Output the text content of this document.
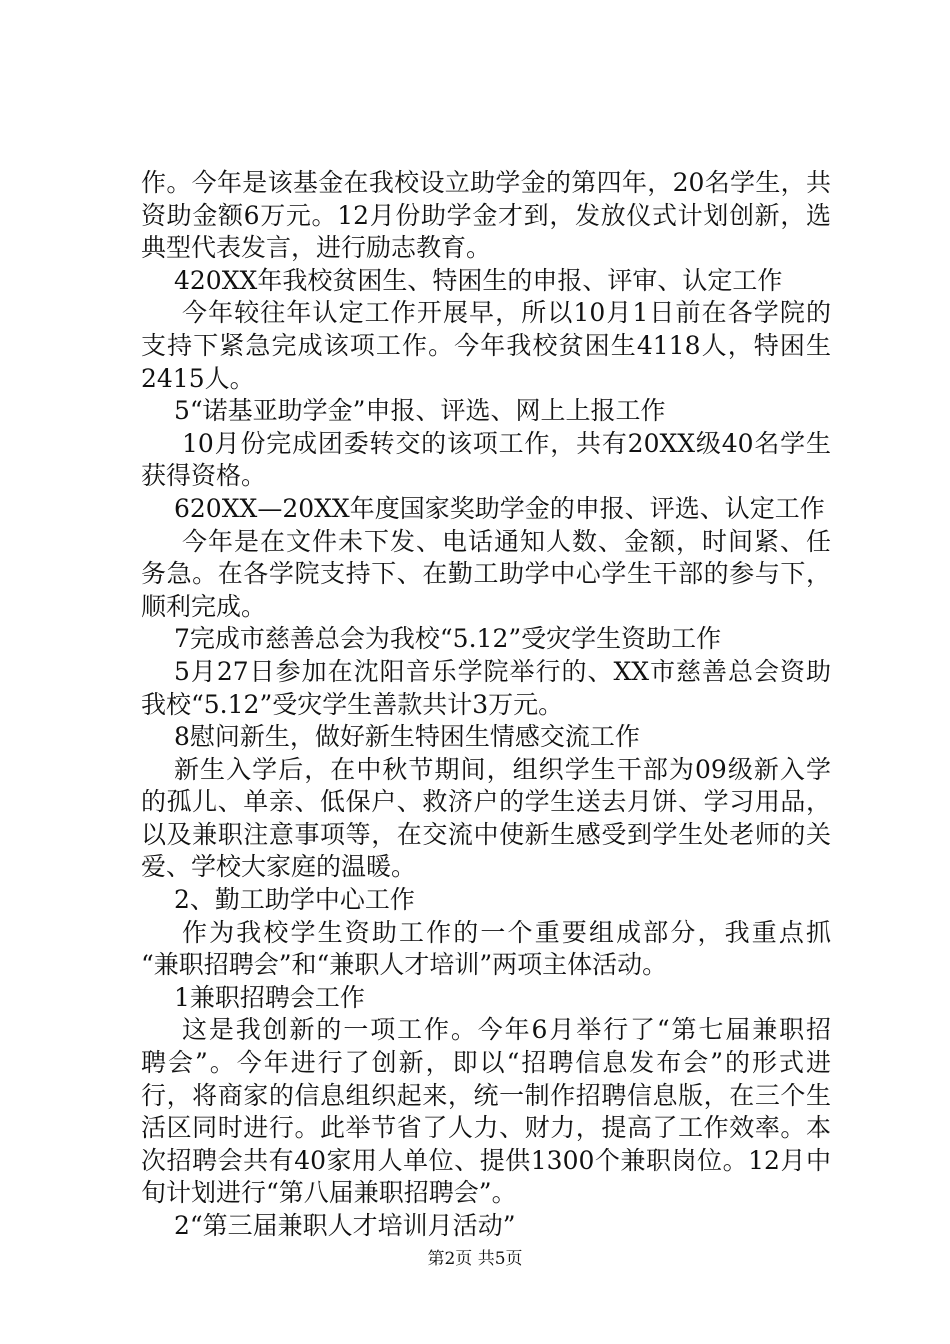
作。今年是该基金在我校设立助学金的第四年，20名学生，共
资助金额6万元。12月份助学金才到，发放仪式计划创新，选
典型代表发言，进行励志教育。
420XX年我校贫困生、特困生的申报、评审、认定工作
今年较往年认定工作开展早，所以10月1日前在各学院的
支持下紧急完成该项工作。今年我校贫困生4118人，特困生
2415人。
5“诺基亚助学金”申报、评选、网上上报工作
10月份完成团委转交的该项工作，共有20XX级40名学生
获得资格。
620XX—20XX年度国家奖助学金的申报、评选、认定工作
今年是在文件未下发、电话通知人数、金额，时间紧、任
务急。在各学院支持下、在勤工助学中心学生干部的参与下，
顺利完成。
7完成市慈善总会为我校“5.12”受灾学生资助工作
5月27日参加在沈阳音乐学院举行的、XX市慈善总会资助
我校“5.12”受灾学生善款共计3万元。
8慰问新生，做好新生特困生情感交流工作
新生入学后，在中秋节期间，组织学生干部为09级新入学
的孤儿、单亲、低保户、救济户的学生送去月饼、学习用品，
以及兼职注意事项等，在交流中使新生感受到学生处老师的关
爱、学校大家庭的温暖。
2、勤工助学中心工作
作为我校学生资助工作的一个重要组成部分，我重点抓
“兼职招聘会”和“兼职人才培训”两项主体活动。
1兼职招聘会工作
这是我创新的一项工作。今年6月举行了“第七届兼职招
聘会”。今年进行了创新，即以“招聘信息发布会”的形式进
行，将商家的信息组织起来，统一制作招聘信息版，在三个生
活区同时进行。此举节省了人力、财力，提高了工作效率。本
次招聘会共有40家用人单位、提供1300个兼职岗位。12月中
旬计划进行“第八届兼职招聘会”。
2“第三届兼职人才培训月活动”
第2页 共5页
